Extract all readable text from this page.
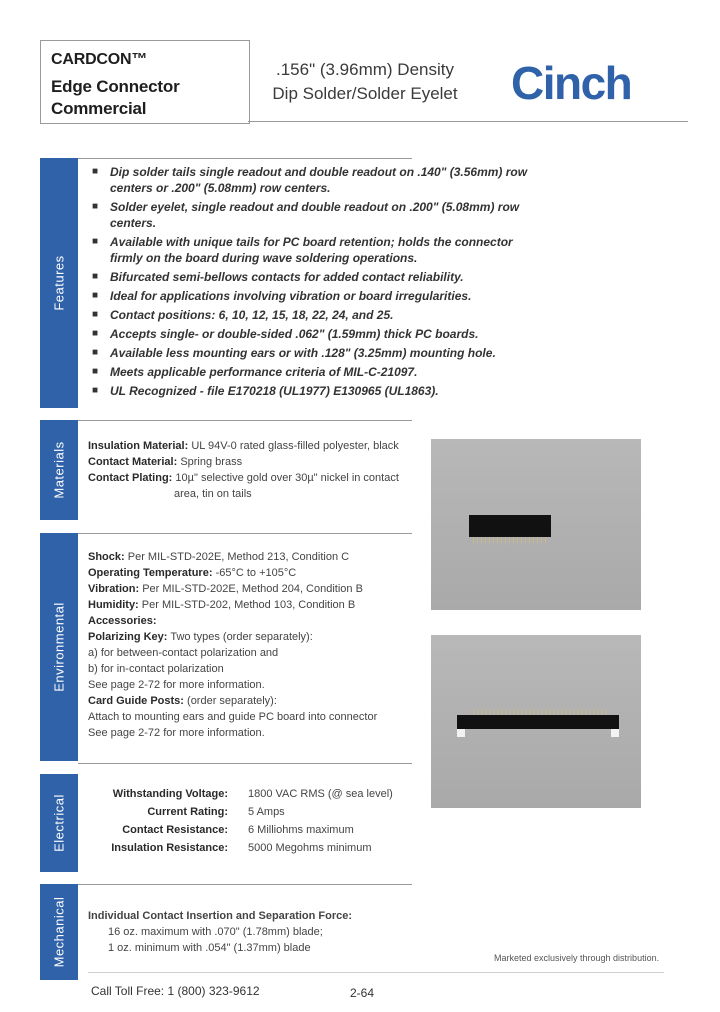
CARDCON™
Edge Connector
Commercial
.156" (3.96mm) Density
Dip Solder/Solder Eyelet Cinch
Features
Materials
Environmental
Electrical
Mechanical
■ Dip solder tails single readout and double readout on .140" (3.56mm) row centers or .200" (5.08mm) row centers.
■ Solder eyelet, single readout and double readout on .200" (5.08mm) row centers.
■ Available with unique tails for PC board retention; holds the connector firmly on the board during wave soldering operations.
■ Bifurcated semi-bellows contacts for added contact reliability.
■ Ideal for applications involving vibration or board irregularities.
■ Contact positions: 6, 10, 12, 15, 18, 22, 24, and 25.
■ Accepts single- or double-sided .062" (1.59mm) thick PC boards.
■ Available less mounting ears or with .128" (3.25mm) mounting hole.
■ Meets applicable performance criteria of MIL-C-21097.
■ UL Recognized - file E170218 (UL1977) E130965 (UL1863).
Insulation Material: UL 94V-0 rated glass-filled polyester, black
Contact Material: Spring brass
Contact Plating: 10µ" selective gold over 30µ" nickel in contact
area, tin on tails
Shock: Per MIL-STD-202E, Method 213, Condition C
Operating Temperature: -65°C to +105°C
Vibration: Per MIL-STD-202E, Method 204, Condition B
Humidity: Per MIL-STD-202, Method 103, Condition B
Accessories:
Polarizing Key: Two types (order separately):
a) for between-contact polarization and
b) for in-contact polarization
See page 2-72 for more information.
Card Guide Posts: (order separately):
Attach to mounting ears and guide PC board into connector
See page 2-72 for more information.
Withstanding Voltage: 1800 VAC RMS (@ sea level)
Current Rating: 5 Amps
Contact Resistance: 6 Milliohms maximum
Insulation Resistance: 5000 Megohms minimum
Individual Contact Insertion and Separation Force:
16 oz. maximum with .070" (1.78mm) blade;
1 oz. minimum with .054" (1.37mm) blade
Marketed exclusively through distribution.
Call Toll Free: 1 (800) 323-9612	2-64
